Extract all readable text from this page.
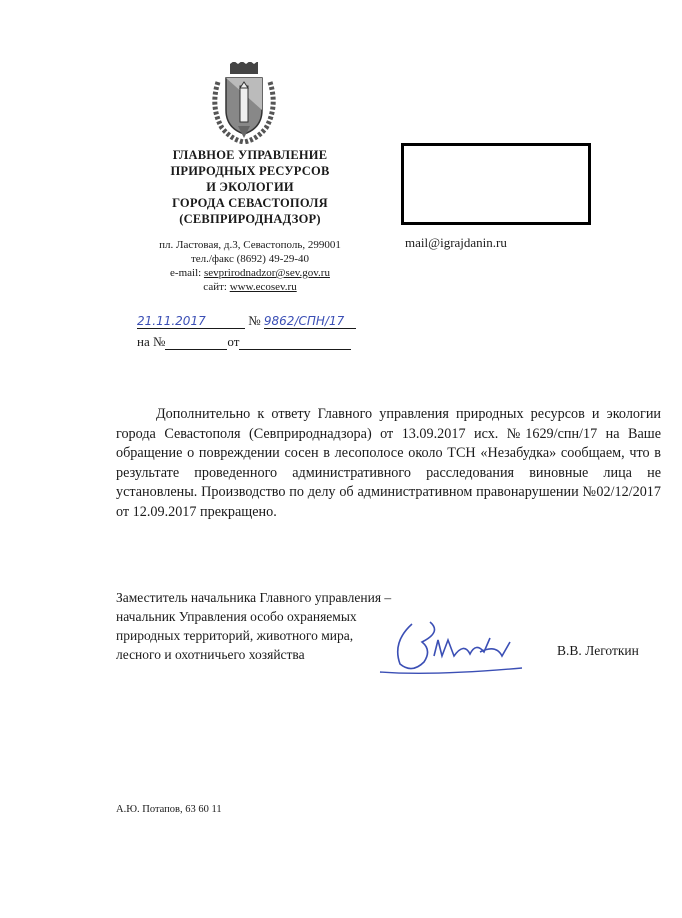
ГЛАВНОЕ УПРАВЛЕНИЕ
ПРИРОДНЫХ РЕСУРСОВ
И ЭКОЛОГИИ
ГОРОДА СЕВАСТОПОЛЯ
(СЕВПРИРОДНАДЗОР)
пл. Ластовая, д.3, Севастополь, 299001
тел./факс (8692) 49-29-40
e-mail: sevprirodnadzor@sev.gov.ru
сайт: www.ecosev.ru
mail@igrajdanin.ru
21.11.2017	№ 9862/СПН/17
на №	от
Дополнительно к ответу Главного управления природных ресурсов и экологии города Севастополя (Севприроднадзора) от 13.09.2017 исх. №1629/спн/17 на Ваше обращение о повреждении сосен в лесополосе около ТСН «Незабудка» сообщаем, что в результате проведенного административного расследования виновные лица не установлены. Производство по делу об административном правонарушении №02/12/2017 от 12.09.2017 прекращено.
Заместитель начальника Главного управления –
начальник Управления особо охраняемых
природных территорий, животного мира,
лесного и охотничьего хозяйства	В.В. Леготкин
А.Ю. Потапов, 63 60 11
